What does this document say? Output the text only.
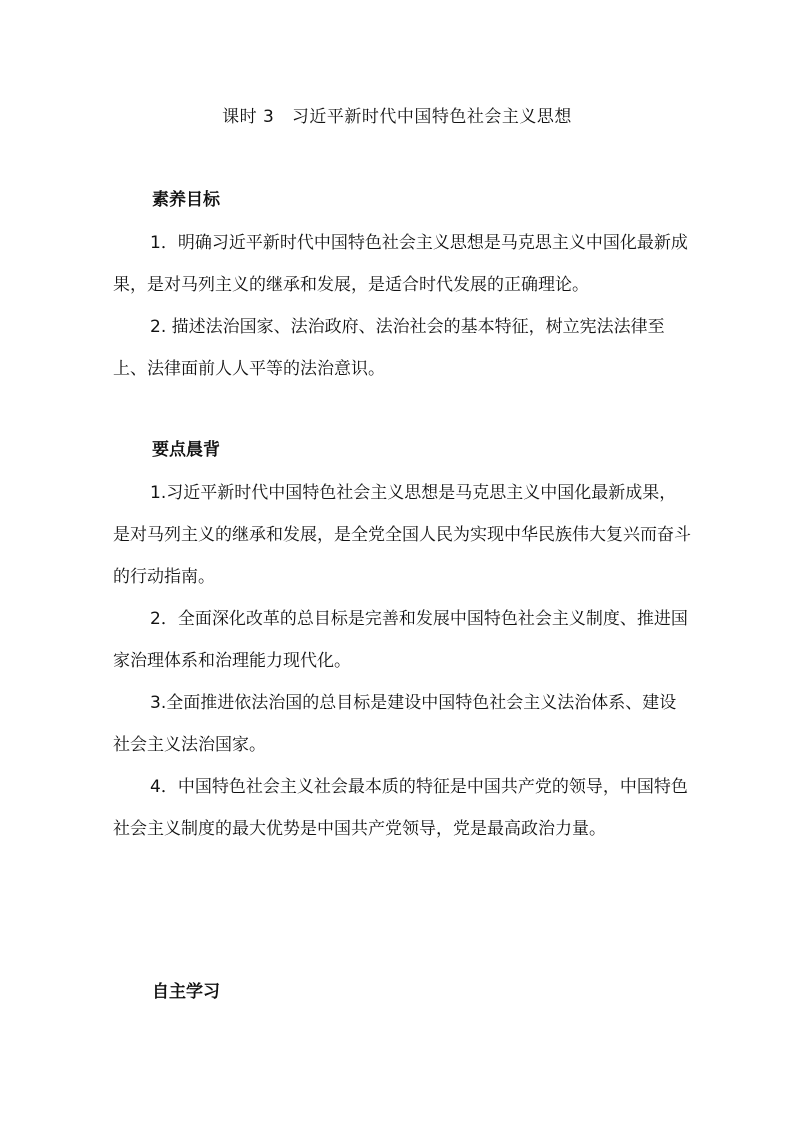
课时 3　习近平新时代中国特色社会主义思想
素养目标

1．明确习近平新时代中国特色社会主义思想是马克思主义中国化最新成果，是对马列主义的继承和发展，是适合时代发展的正确理论。

2. 描述法治国家、法治政府、法治社会的基本特征，树立宪法法律至上、法律面前人人平等的法治意识。

要点晨背

1.习近平新时代中国特色社会主义思想是马克思主义中国化最新成果，是对马列主义的继承和发展，是全党全国人民为实现中华民族伟大复兴而奋斗的行动指南。

2．全面深化改革的总目标是完善和发展中国特色社会主义制度、推进国家治理体系和治理能力现代化。

3.全面推进依法治国的总目标是建设中国特色社会主义法治体系、建设社会主义法治国家。

4．中国特色社会主义社会最本质的特征是中国共产党的领导，中国特色社会主义制度的最大优势是中国共产党领导，党是最高政治力量。

自主学习
